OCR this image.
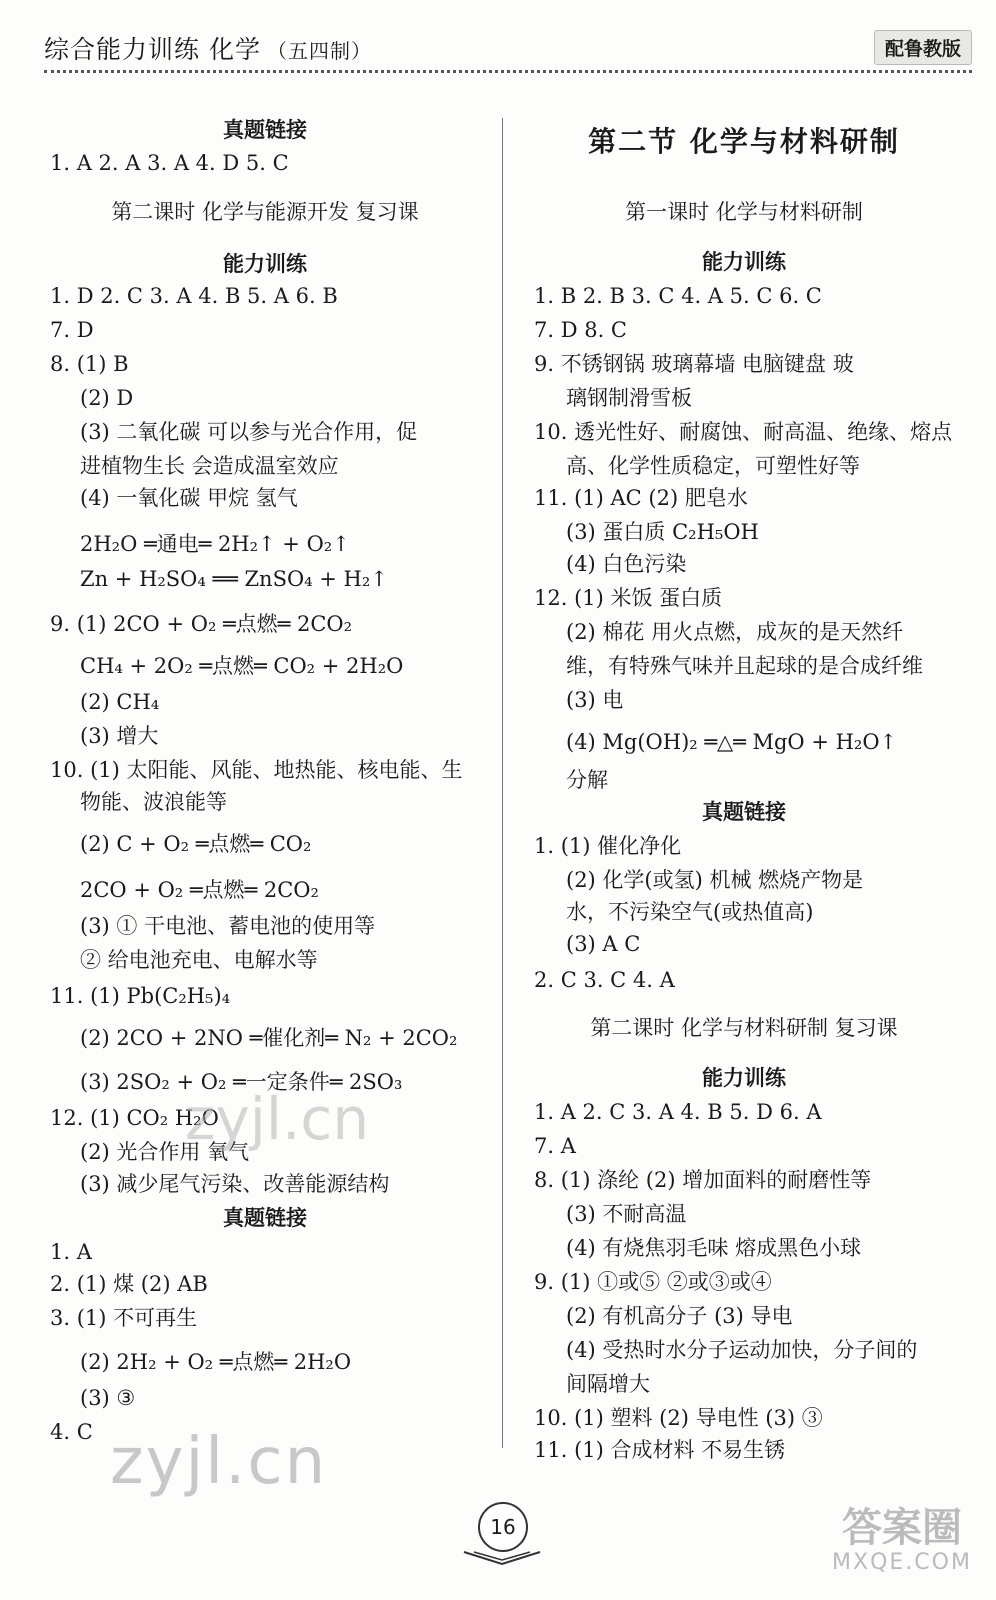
综合能力训练 化学 （五四制）	配鲁教版
真题链接
1. A 2. A 3. A 4. D 5. C
第二课时 化学与能源开发 复习课
能力训练
1. D 2. C 3. A 4. B 5. A 6. B
7. D
8. (1) B
(2) D
(3) 二氧化碳 可以参与光合作用，促
进植物生长 会造成温室效应
(4) 一氧化碳 甲烷 氢气
2H₂O ═通电═ 2H₂↑ + O₂↑
Zn + H₂SO₄ ══ ZnSO₄ + H₂↑
9. (1) 2CO + O₂ ═点燃═ 2CO₂
CH₄ + 2O₂ ═点燃═ CO₂ + 2H₂O
(2) CH₄
(3) 增大
10. (1) 太阳能、风能、地热能、核电能、生
物能、波浪能等
(2) C + O₂ ═点燃═ CO₂
2CO + O₂ ═点燃═ 2CO₂
(3) ① 干电池、蓄电池的使用等
② 给电池充电、电解水等
11. (1) Pb(C₂H₅)₄
(2) 2CO + 2NO ═催化剂═ N₂ + 2CO₂
(3) 2SO₂ + O₂ ═一定条件═ 2SO₃
12. (1) CO₂ H₂O
(2) 光合作用 氧气
(3) 减少尾气污染、改善能源结构
真题链接
1. A
2. (1) 煤 (2) AB
3. (1) 不可再生
(2) 2H₂ + O₂ ═点燃═ 2H₂O
(3) ③
4. C
第二节 化学与材料研制
第一课时 化学与材料研制
能力训练
1. B 2. B 3. C 4. A 5. C 6. C
7. D 8. C
9. 不锈钢锅 玻璃幕墙 电脑键盘 玻
璃钢制滑雪板
10. 透光性好、耐腐蚀、耐高温、绝缘、熔点
高、化学性质稳定，可塑性好等
11. (1) AC (2) 肥皂水
(3) 蛋白质 C₂H₅OH
(4) 白色污染
12. (1) 米饭 蛋白质
(2) 棉花 用火点燃，成灰的是天然纤
维，有特殊气味并且起球的是合成纤维
(3) 电
(4) Mg(OH)₂ ═△═ MgO + H₂O↑
分解
真题链接
1. (1) 催化净化
(2) 化学(或氢) 机械 燃烧产物是
水，不污染空气(或热值高)
(3) A C
2. C 3. C 4. A
第二课时 化学与材料研制 复习课
能力训练
1. A 2. C 3. A 4. B 5. D 6. A
7. A
8. (1) 涤纶 (2) 增加面料的耐磨性等
(3) 不耐高温
(4) 有烧焦羽毛味 熔成黑色小球
9. (1) ①或⑤ ②或③或④
(2) 有机高分子 (3) 导电
(4) 受热时水分子运动加快，分子间的
间隔增大
10. (1) 塑料 (2) 导电性 (3) ③
11. (1) 合成材料 不易生锈
zyjl.cn
zyjl.cn
答案圈
MXQE.COM
16
